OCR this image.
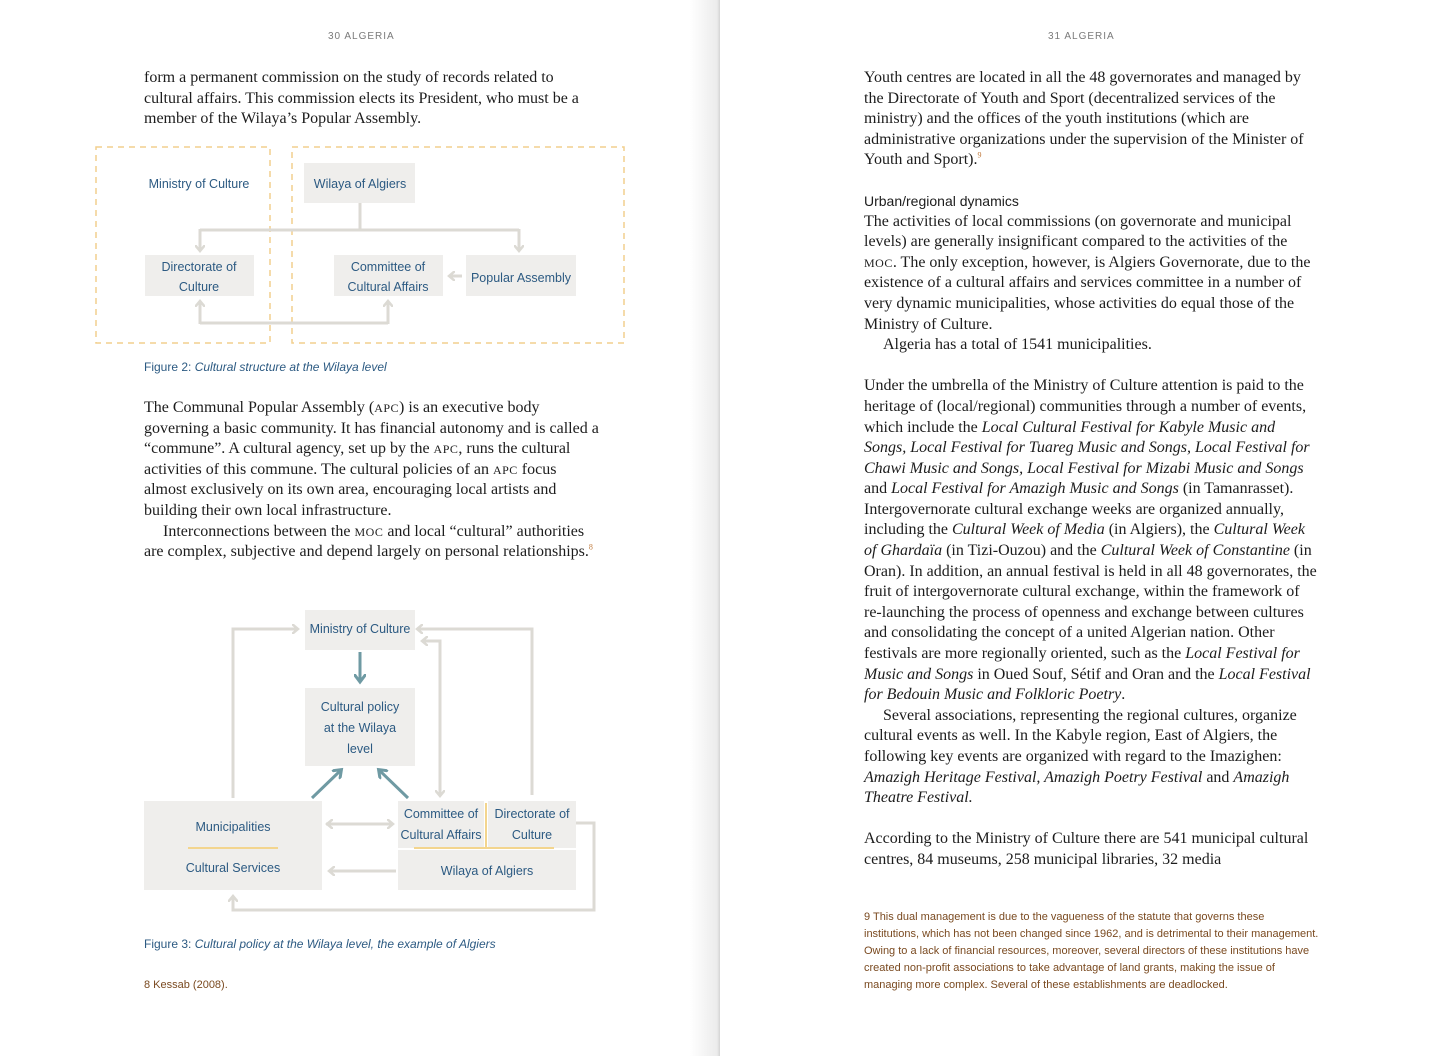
30 ALGERIA

form a permanent commission on the study of records related to cultural affairs. This commission elects its President, who must be a member of the Wilaya’s Popular Assembly.

Ministry of Culture	Wilaya of Algiers
Directorate of
Culture
Committee of
Cultural Affairs
Popular Assembly
Figure 2: Cultural structure at the Wilaya level

The Communal Popular Assembly (APC) is an executive body governing a basic community. It has financial autonomy and is called a “commune”. A cultural agency, set up by the APC, runs the cultural activities of this commune. The cultural policies of an APC focus almost exclusively on its own area, encouraging local artists and building their own local infrastructure.

Interconnections between the MOC and local “cultural” authorities are complex, subjective and depend largely on personal relationships.$^8$

Ministry of Culture
Cultural policy
at the Wilaya
level
Municipalities
Cultural Services
Committee of
Cultural Affairs
Directorate of
Culture
Wilaya of Algiers
Figure 3: Cultural policy at the Wilaya level, the example of Algiers

8 Kessab (2008).

31 ALGERIA

Youth centres are located in all the 48 governorates and managed by the Directorate of Youth and Sport (decentralized services of the ministry) and the offices of the youth institutions (which are administrative organizations under the supervision of the Minister of Youth and Sport).$^9$

Urban/regional dynamics

The activities of local commissions (on governorate and municipal levels) are generally insignificant compared to the activities of the MOC. The only exception, however, is Algiers Governorate, due to the existence of a cultural affairs and services committee in a number of very dynamic municipalities, whose activities do equal those of the Ministry of Culture.

Algeria has a total of 1541 municipalities.

Under the umbrella of the Ministry of Culture attention is paid to the heritage of (local/regional) communities through a number of events, which include the Local Cultural Festival for Kabyle Music and Songs, Local Festival for Tuareg Music and Songs, Local Festival for Chawi Music and Songs, Local Festival for Mizabi Music and Songs and Local Festival for Amazigh Music and Songs (in Tamanrasset). Intergovernorate cultural exchange weeks are organized annually, including the Cultural Week of Media (in Algiers), the Cultural Week of Ghardaïa (in Tizi-Ouzou) and the Cultural Week of Constantine (in Oran). In addition, an annual festival is held in all 48 governorates, the fruit of intergovernorate cultural exchange, within the framework of re-launching the process of openness and exchange between cultures and consolidating the concept of a united Algerian nation. Other festivals are more regionally oriented, such as the Local Festival for Music and Songs in Oued Souf, Sétif and Oran and the Local Festival for Bedouin Music and Folkloric Poetry.

Several associations, representing the regional cultures, organize cultural events as well. In the Kabyle region, East of Algiers, the following key events are organized with regard to the Imazighen: Amazigh Heritage Festival, Amazigh Poetry Festival and Amazigh Theatre Festival.

According to the Ministry of Culture there are 541 municipal cultural centres, 84 museums, 258 municipal libraries, 32 media

9 This dual management is due to the vagueness of the statute that governs these institutions, which has not been changed since 1962, and is detrimental to their management. Owing to a lack of financial resources, moreover, several directors of these institutions have created non-profit associations to take advantage of land grants, making the issue of managing more complex. Several of these establishments are deadlocked.
